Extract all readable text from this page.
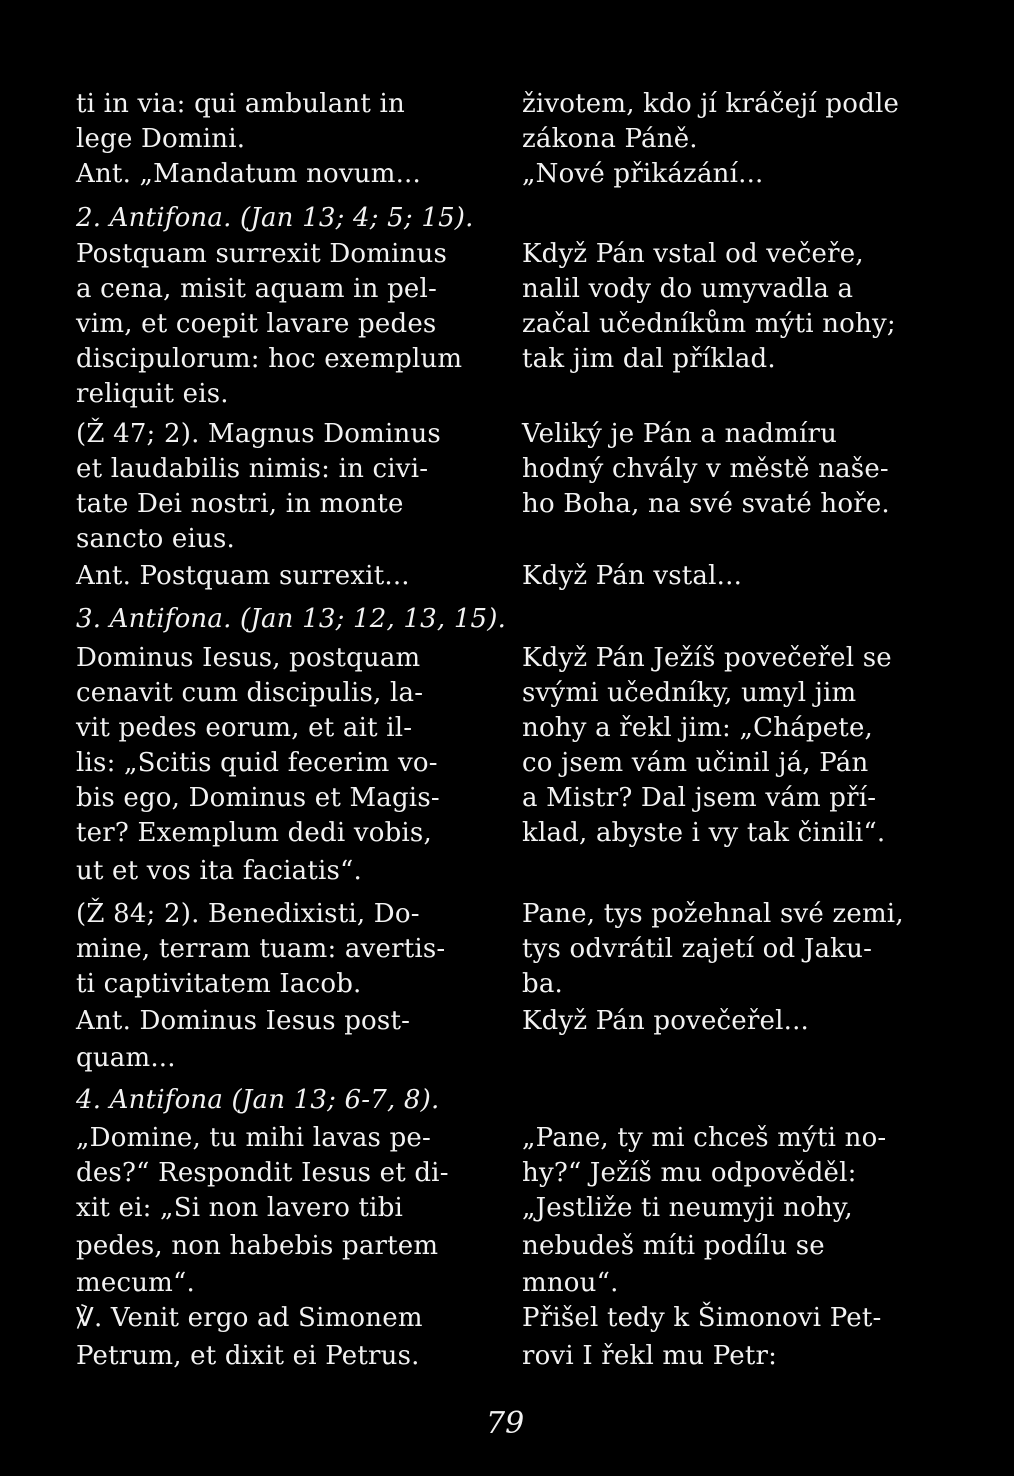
ti in via: qui ambulant in
lege Domini.
Ant. „Mandatum novum...
2. Antifona. (Jan 13; 4; 5; 15).
Postquam surrexit Dominus
a cena, misit aquam in pel-
vim, et coepit lavare pedes
discipulorum: hoc exemplum
reliquit eis.
(Ž 47; 2). Magnus Dominus
et laudabilis nimis: in civi-
tate Dei nostri, in monte
sancto eius.
Ant. Postquam surrexit...
3. Antifona. (Jan 13; 12, 13, 15).
Dominus Iesus, postquam
cenavit cum discipulis, la-
vit pedes eorum, et ait il-
lis: „Scitis quid fecerim vo-
bis ego, Dominus et Magis-
ter? Exemplum dedi vobis,
ut et vos ita faciatis“.
(Ž 84; 2). Benedixisti, Do-
mine, terram tuam: avertis-
ti captivitatem Iacob.
Ant. Dominus Iesus post-
quam...
4. Antifona (Jan 13; 6-7, 8).
„Domine, tu mihi lavas pe-
des?“ Respondit Iesus et di-
xit ei: „Si non lavero tibi
pedes, non habebis partem
mecum“.
℣. Venit ergo ad Simonem
Petrum, et dixit ei Petrus.
životem, kdo jí kráčejí podle
zákona Páně.
„Nové přikázání...
Když Pán vstal od večeře,
nalil vody do umyvadla a
začal učedníkům mýti nohy;
tak jim dal příklad.
Veliký je Pán a nadmíru
hodný chvály v městě naše-
ho Boha, na své svaté hoře.
Když Pán vstal...
Když Pán Ježíš povečeřel se
svými učedníky, umyl jim
nohy a řekl jim: „Chápete,
co jsem vám učinil já, Pán
a Mistr? Dal jsem vám pří-
klad, abyste i vy tak činili“.
Pane, tys požehnal své zemi,
tys odvrátil zajetí od Jaku-
ba.
Když Pán povečeřel...
„Pane, ty mi chceš mýti no-
hy?“ Ježíš mu odpověděl:
„Jestliže ti neumyji nohy,
nebudeš míti podílu se
mnou“.
Přišel tedy k Šimonovi Pet-
rovi I řekl mu Petr:
79
